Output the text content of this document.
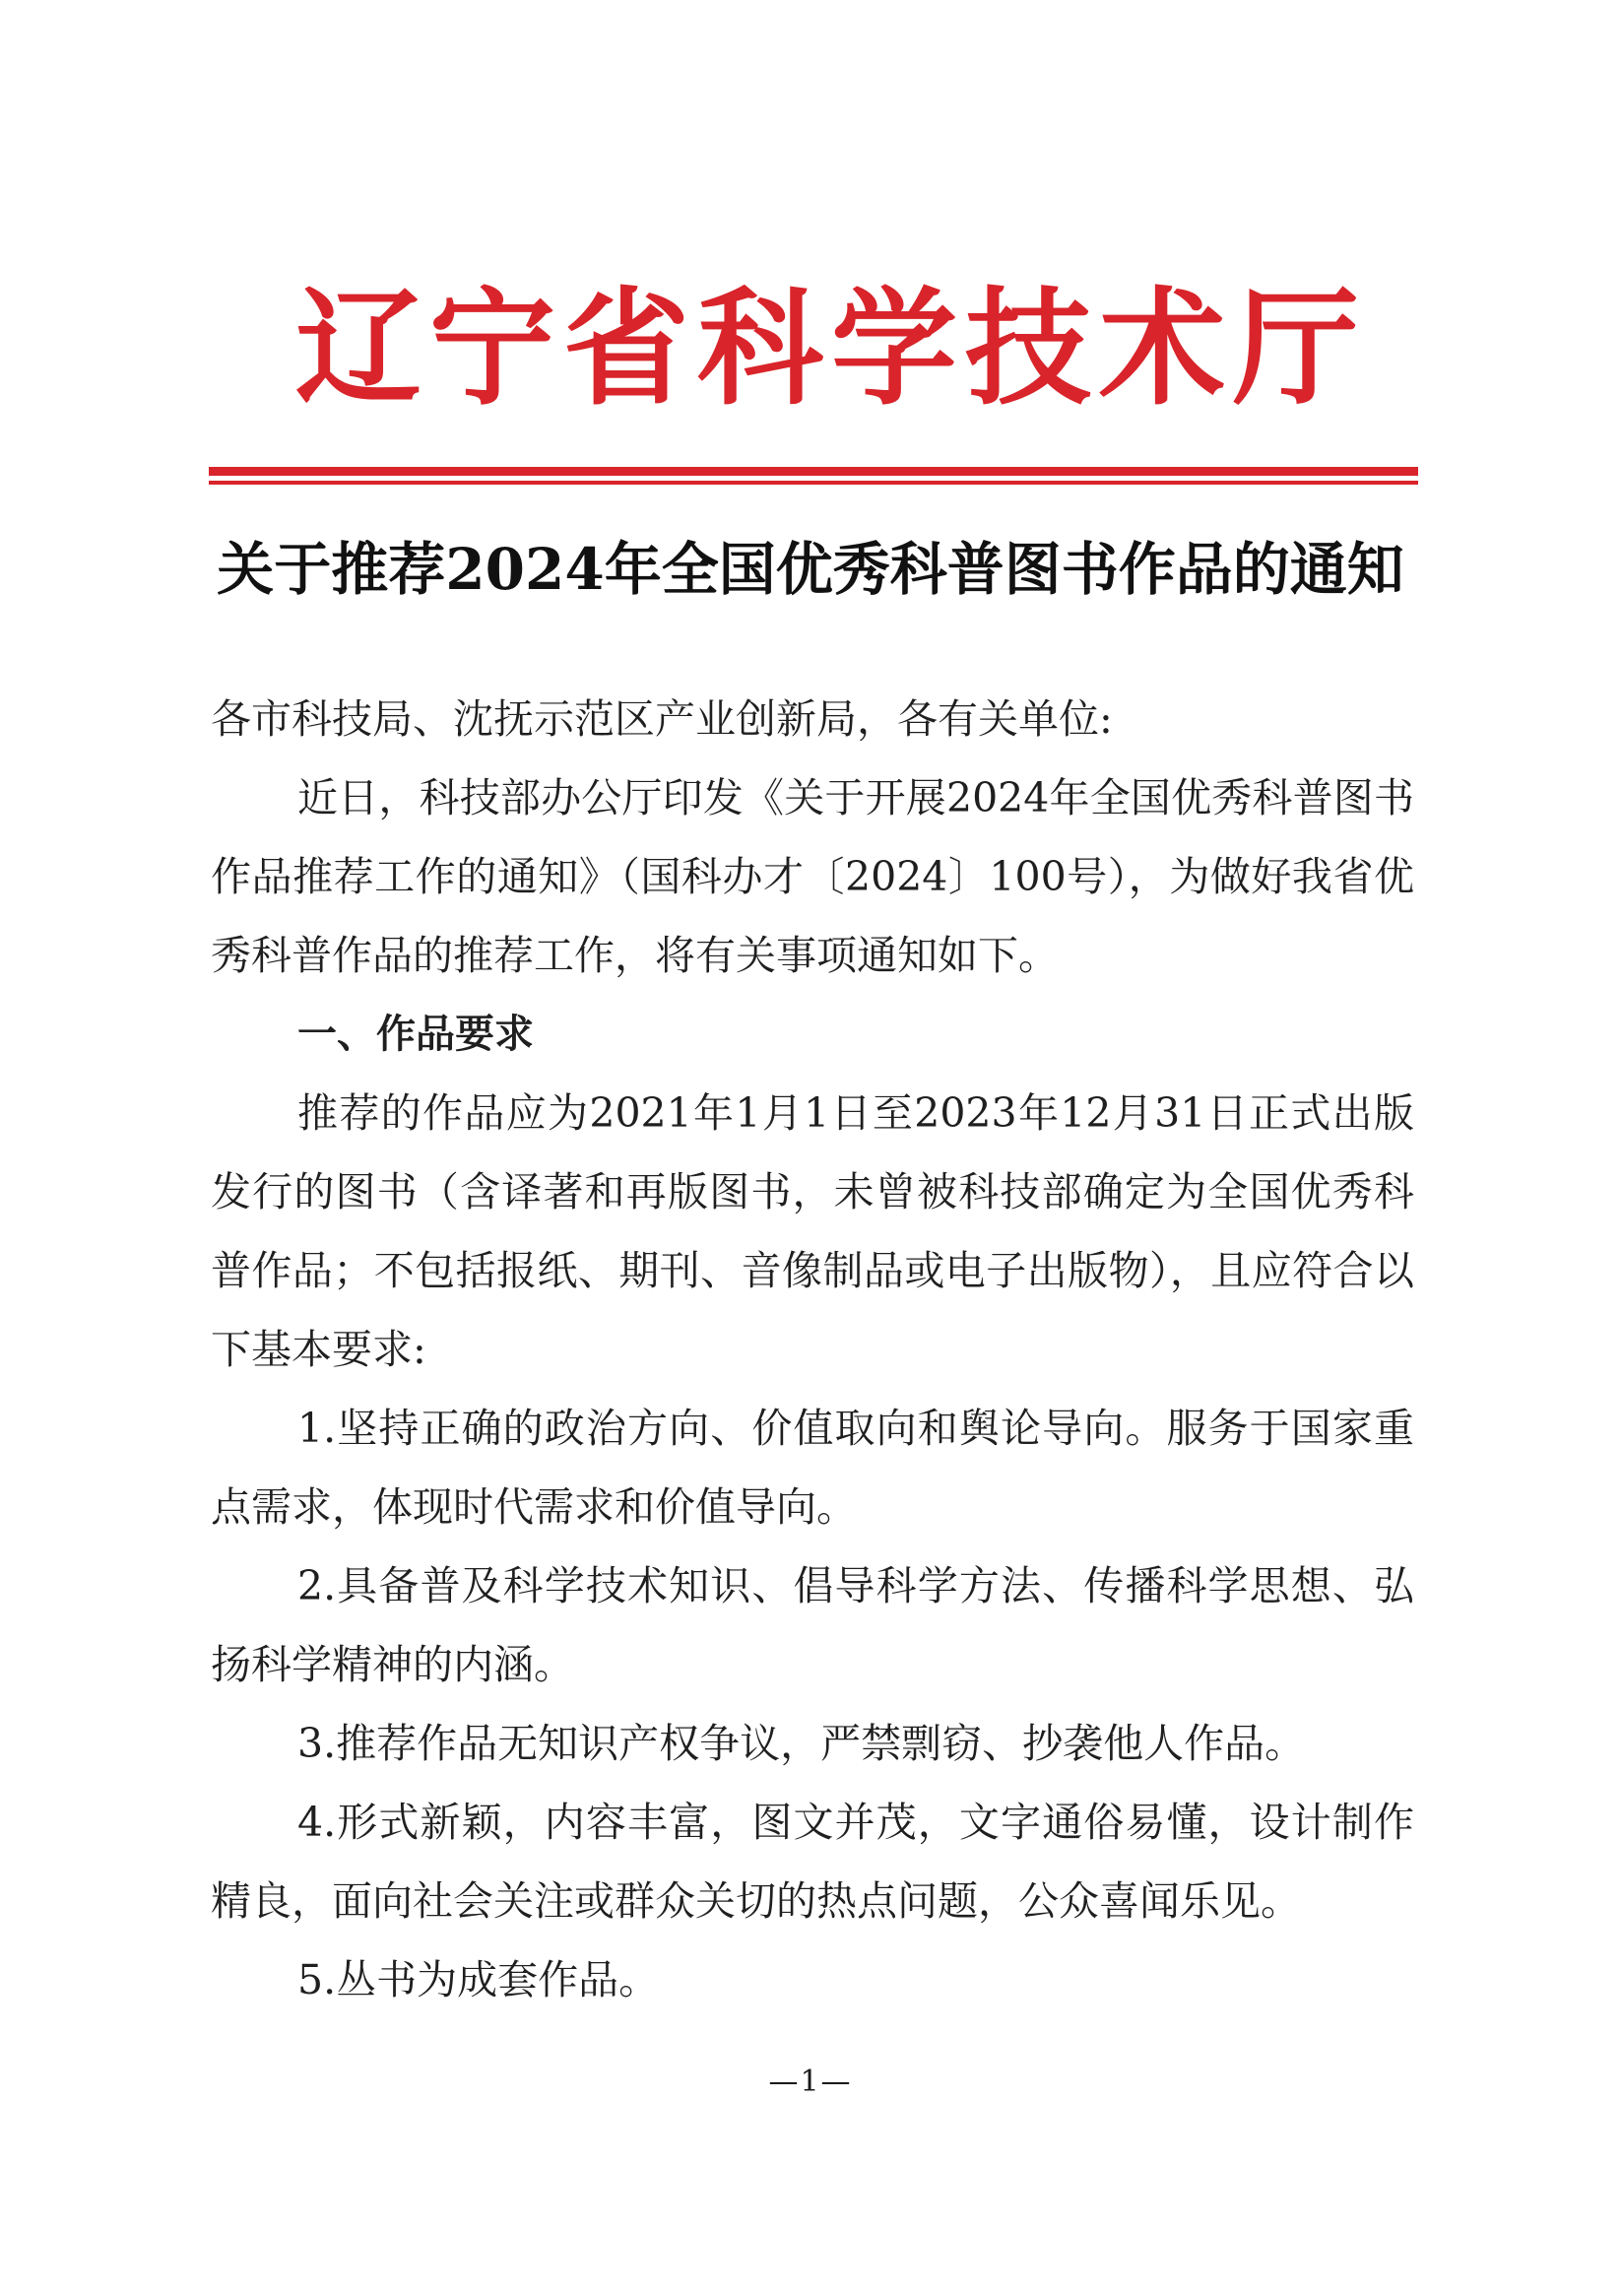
辽宁省科学技术厅
关于推荐2024年全国优秀科普图书作品的通知

各市科技局、沈抚示范区产业创新局，各有关单位:

近日，科技部办公厅印发《关于开展2024年全国优秀科普图书作品推荐工作的通知》（国科办才〔2024〕100号），为做好我省优秀科普作品的推荐工作，将有关事项通知如下。

一、作品要求

推荐的作品应为2021年1月1日至2023年12月31日正式出版发行的图书（含译著和再版图书，未曾被科技部确定为全国优秀科普作品；不包括报纸、期刊、音像制品或电子出版物），且应符合以下基本要求:

1.坚持正确的政治方向、价值取向和舆论导向。服务于国家重点需求，体现时代需求和价值导向。

2.具备普及科学技术知识、倡导科学方法、传播科学思想、弘扬科学精神的内涵。

3.推荐作品无知识产权争议，严禁剽窃、抄袭他人作品。

4.形式新颖，内容丰富，图文并茂，文字通俗易懂，设计制作精良，面向社会关注或群众关切的热点问题，公众喜闻乐见。

5.丛书为成套作品。

—1—
